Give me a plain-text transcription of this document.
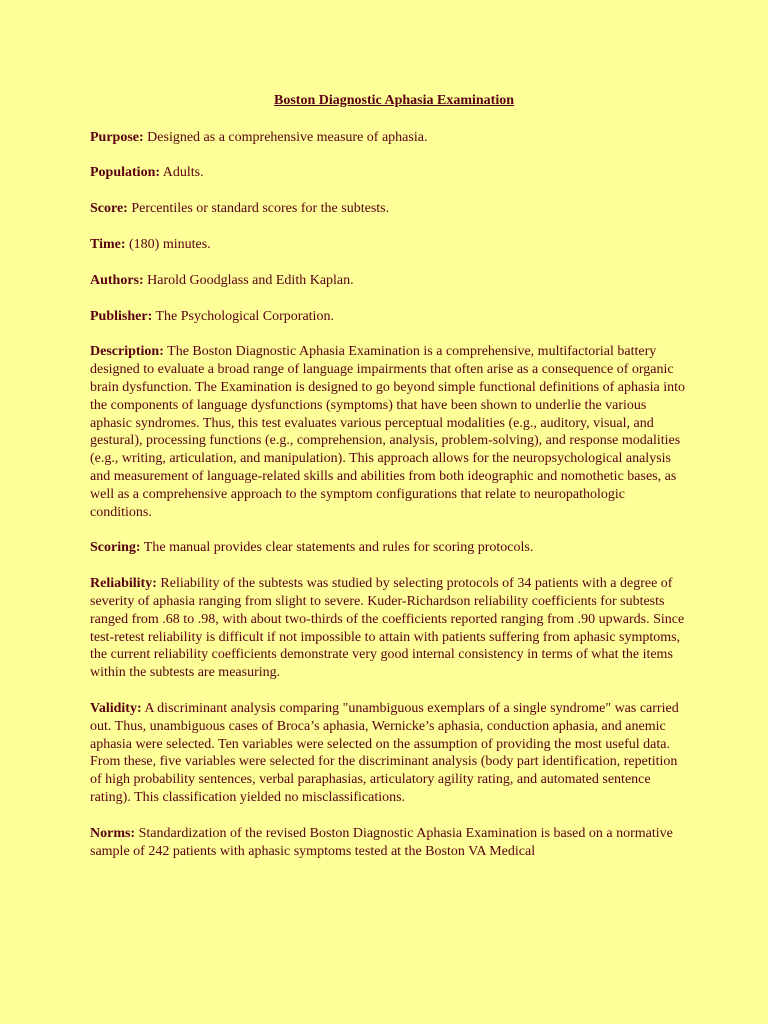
Boston Diagnostic Aphasia Examination

Purpose: Designed as a comprehensive measure of aphasia.

Population: Adults.

Score: Percentiles or standard scores for the subtests.

Time: (180) minutes.

Authors: Harold Goodglass and Edith Kaplan.

Publisher: The Psychological Corporation.

Description: The Boston Diagnostic Aphasia Examination is a comprehensive, multifactorial battery designed to evaluate a broad range of language impairments that often arise as a consequence of organic brain dysfunction. The Examination is designed to go beyond simple functional definitions of aphasia into the components of language dysfunctions (symptoms) that have been shown to underlie the various aphasic syndromes. Thus, this test evaluates various perceptual modalities (e.g., auditory, visual, and gestural), processing functions (e.g., comprehension, analysis, problem-solving), and response modalities (e.g., writing, articulation, and manipulation). This approach allows for the neuropsychological analysis and measurement of language-related skills and abilities from both ideographic and nomothetic bases, as well as a comprehensive approach to the symptom configurations that relate to neuropathologic conditions.

Scoring: The manual provides clear statements and rules for scoring protocols.

Reliability: Reliability of the subtests was studied by selecting protocols of 34 patients with a degree of severity of aphasia ranging from slight to severe. Kuder-Richardson reliability coefficients for subtests ranged from .68 to .98, with about two-thirds of the coefficients reported ranging from .90 upwards. Since test-retest reliability is difficult if not impossible to attain with patients suffering from aphasic symptoms, the current reliability coefficients demonstrate very good internal consistency in terms of what the items within the subtests are measuring.

Validity: A discriminant analysis comparing "unambiguous exemplars of a single syndrome" was carried out. Thus, unambiguous cases of Broca’s aphasia, Wernicke’s aphasia, conduction aphasia, and anemic aphasia were selected. Ten variables were selected on the assumption of providing the most useful data. From these, five variables were selected for the discriminant analysis (body part identification, repetition of high probability sentences, verbal paraphasias, articulatory agility rating, and automated sentence rating). This classification yielded no misclassifications.

Norms: Standardization of the revised Boston Diagnostic Aphasia Examination is based on a normative sample of 242 patients with aphasic symptoms tested at the Boston VA Medical
